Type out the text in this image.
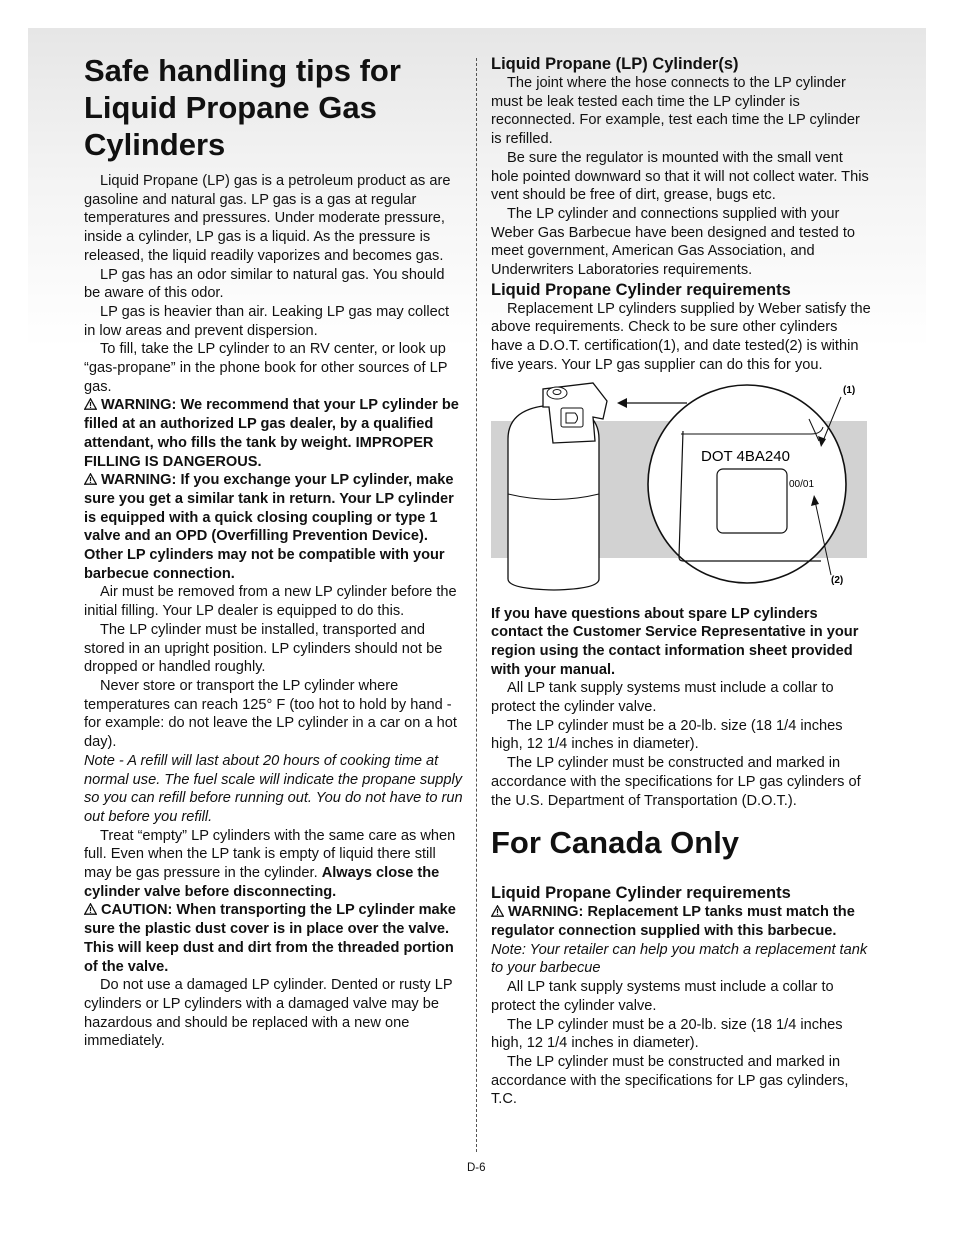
Safe handling tips for Liquid Propane Gas Cylinders

Liquid Propane (LP) gas is a petroleum product as are gasoline and natural gas. LP gas is a gas at regular temperatures and pressures. Under moderate pressure, inside a cylinder, LP gas is a liquid. As the pressure is released, the liquid readily vaporizes and becomes gas.

LP gas has an odor similar to natural gas. You should be aware of this odor.

LP gas is heavier than air. Leaking LP gas may collect in low areas and prevent dispersion.

To fill, take the LP cylinder to an RV center, or look up “gas-propane” in the phone book for other sources of LP gas.

WARNING: We recommend that your LP cylinder be filled at an authorized LP gas dealer, by a qualified attendant, who fills the tank by weight. IMPROPER FILLING IS DANGEROUS.

WARNING: If you exchange your LP cylinder, make sure you get a similar tank in return. Your LP cylinder is equipped with a quick closing coupling or type 1 valve and an OPD (Overfilling Prevention Device). Other LP cylinders may not be compatible with your barbecue connection.

Air must be removed from a new LP cylinder before the initial filling. Your LP dealer is equipped to do this.

The LP cylinder must be installed, transported and stored in an upright position. LP cylinders should not be dropped or handled roughly.

Never store or transport the LP cylinder where temperatures can reach 125° F (too hot to hold by hand - for example: do not leave the LP cylinder in a car on a hot day).

Note - A refill will last about 20 hours of cooking time at normal use. The fuel scale will indicate the propane supply so you can refill before running out. You do not have to run out before you refill.

Treat “empty” LP cylinders with the same care as when full. Even when the LP tank is empty of liquid there still may be gas pressure in the cylinder. Always close the cylinder valve before disconnecting.

CAUTION: When transporting the LP cylinder make sure the plastic dust cover is in place over the valve. This will keep dust and dirt from the threaded portion of the valve.

Do not use a damaged LP cylinder. Dented or rusty LP cylinders or LP cylinders with a damaged valve may be hazardous and should be replaced with a new one immediately.

Liquid Propane (LP) Cylinder(s)

The joint where the hose connects to the LP cylinder must be leak tested each time the LP cylinder is reconnected. For example, test each time the LP cylinder is refilled.

Be sure the regulator is mounted with the small vent hole pointed downward so that it will not collect water. This vent should be free of dirt, grease, bugs etc.

The LP cylinder and connections supplied with your Weber Gas Barbecue have been designed and tested to meet government, American Gas Association, and Underwriters Laboratories requirements.

Liquid Propane Cylinder requirements

Replacement LP cylinders supplied by Weber satisfy the above requirements. Check to be sure other cylinders have a D.O.T. certification(1), and date tested(2) is within five years. Your LP gas supplier can do this for you.

(1)
(2)
DOT 4BA240
00/01

If you have questions about spare LP cylinders contact the Customer Service Representative in your region using the contact information sheet provided with your manual.

All LP tank supply systems must include a collar to protect the cylinder valve.

The LP cylinder must be a 20-lb. size (18 1/4 inches high, 12 1/4 inches in diameter).

The LP cylinder must be constructed and marked in accordance with the specifications for LP gas cylinders of the U.S. Department of Transportation (D.O.T.).

For Canada Only
Liquid Propane Cylinder requirements

WARNING: Replacement LP tanks must match the regulator connection supplied with this barbecue.

Note: Your retailer can help you match a replacement tank to your barbecue

All LP tank supply systems must include a collar to protect the cylinder valve.

The LP cylinder must be a 20-lb. size (18 1/4 inches high, 12 1/4 inches in diameter).

The LP cylinder must be constructed and marked in accordance with the specifications for LP gas cylinders, T.C.

D-6
